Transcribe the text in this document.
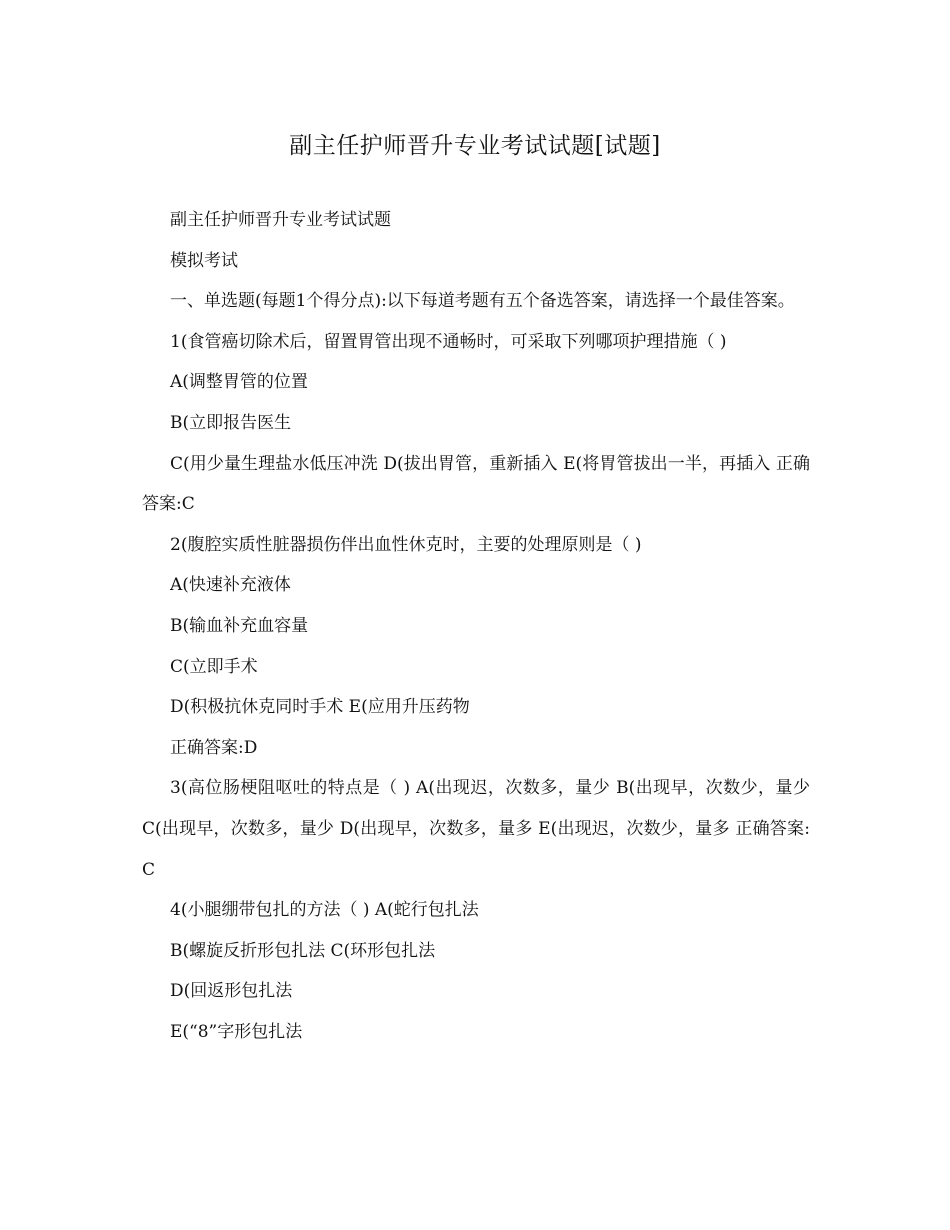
副主任护师晋升专业考试试题[试题]

副主任护师晋升专业考试试题

模拟考试

一、单选题(每题1个得分点):以下每道考题有五个备选答案，请选择一个最佳答案。

1(食管癌切除术后，留置胃管出现不通畅时，可采取下列哪项护理措施（ )

A(调整胃管的位置

B(立即报告医生

C(用少量生理盐水低压冲洗 D(拔出胃管，重新插入 E(将胃管拔出一半，再插入 正确答案:C

2(腹腔实质性脏器损伤伴出血性休克时，主要的处理原则是（ )

A(快速补充液体

B(输血补充血容量

C(立即手术

D(积极抗休克同时手术 E(应用升压药物

正确答案:D

3(高位肠梗阻呕吐的特点是（ ) A(出现迟，次数多，量少 B(出现早，次数少，量少 C(出现早，次数多，量少 D(出现早，次数多，量多 E(出现迟，次数少，量多 正确答案:C

4(小腿绷带包扎的方法（ ) A(蛇行包扎法

B(螺旋反折形包扎法 C(环形包扎法

D(回返形包扎法

E(“8”字形包扎法
